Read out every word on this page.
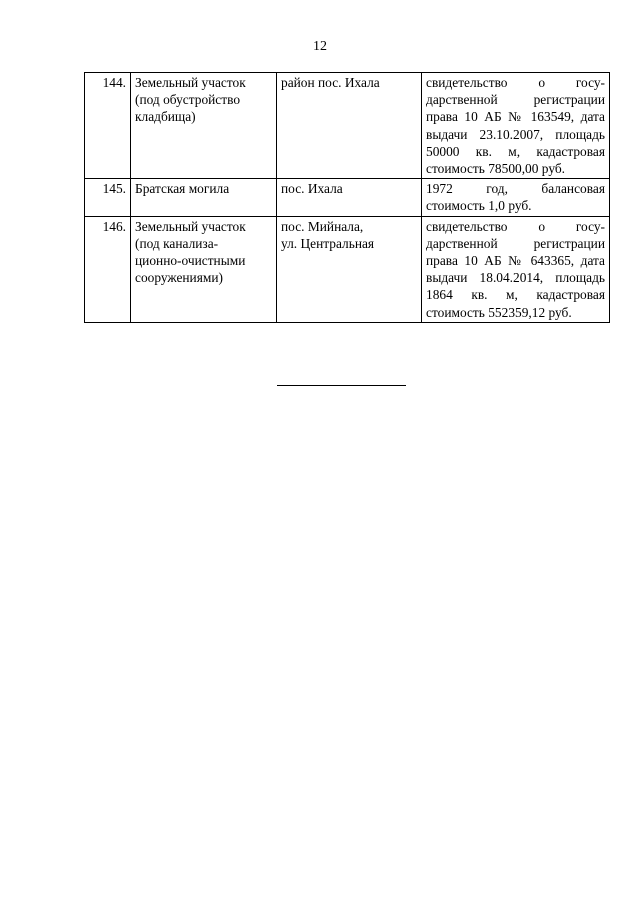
12
144.	Земельный участок
(под обустройство
кладбища)	район пос. Ихала	свидетельство о госу-дарственной регистрации права 10 АБ № 163549, дата выдачи 23.10.2007, площадь 50000 кв. м, кадастровая стоимость 78500,00 руб.
145.	Братская могила	пос. Ихала	1972 год, балансовая стоимость 1,0 руб.
146.	Земельный участок
(под канализа-
ционно-очистными
сооружениями)	пос. Мийнала,
ул. Центральная	свидетельство о госу-дарственной регистрации права 10 АБ № 643365, дата выдачи 18.04.2014, площадь 1864 кв. м, кадастровая стоимость 552359,12 руб.
